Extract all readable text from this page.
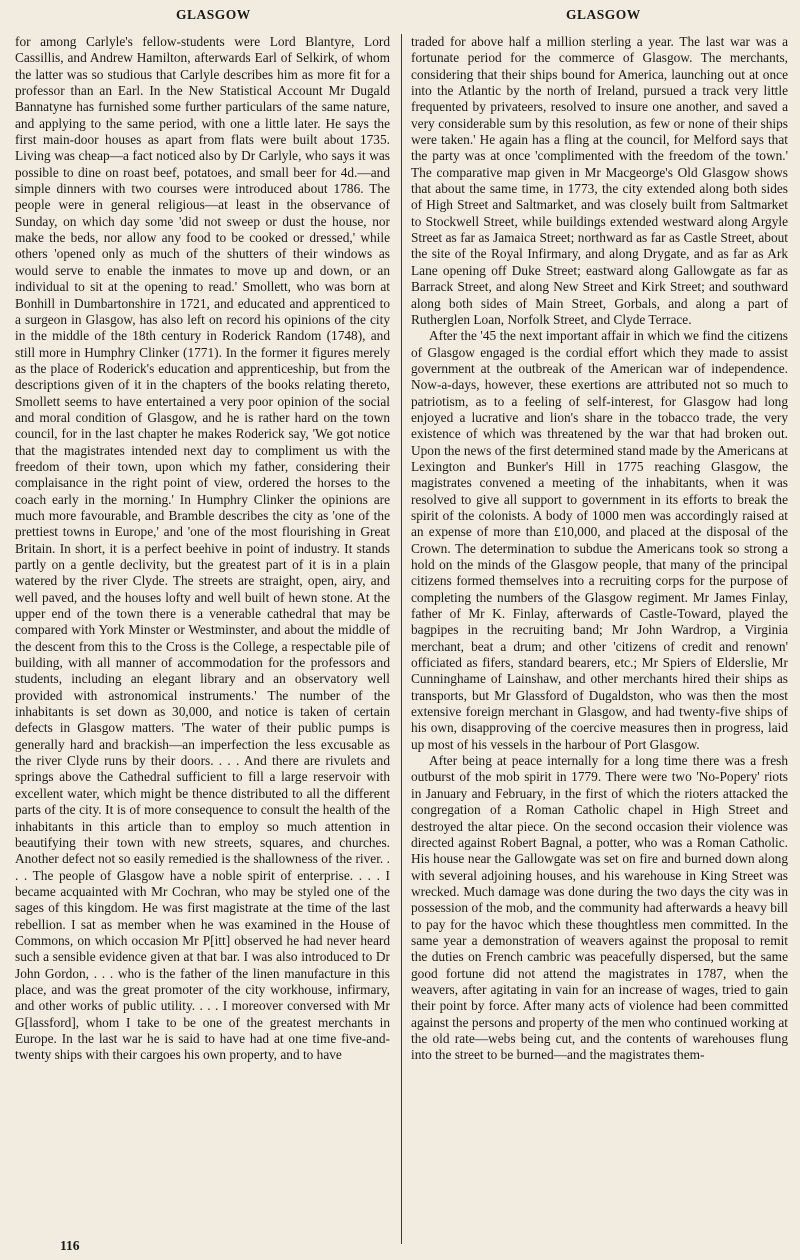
GLASGOW	GLASGOW

for among Carlyle's fellow-students were Lord Blantyre, Lord Cassillis, and Andrew Hamilton, afterwards Earl of Selkirk, of whom the latter was so studious that Carlyle describes him as more fit for a professor than an Earl. In the New Statistical Account Mr Dugald Bannatyne has furnished some further particulars of the same nature, and applying to the same period, with one a little later. He says the first main-door houses as apart from flats were built about 1735. Living was cheap—a fact noticed also by Dr Carlyle, who says it was possible to dine on roast beef, potatoes, and small beer for 4d.—and simple dinners with two courses were introduced about 1786. The people were in general religious—at least in the observance of Sunday, on which day some 'did not sweep or dust the house, nor make the beds, nor allow any food to be cooked or dressed,' while others 'opened only as much of the shutters of their windows as would serve to enable the inmates to move up and down, or an individual to sit at the opening to read.' Smollett, who was born at Bonhill in Dumbartonshire in 1721, and educated and apprenticed to a surgeon in Glasgow, has also left on record his opinions of the city in the middle of the 18th century in Roderick Random (1748), and still more in Humphry Clinker (1771). In the former it figures merely as the place of Roderick's education and apprenticeship, but from the descriptions given of it in the chapters of the books relating thereto, Smollett seems to have entertained a very poor opinion of the social and moral condition of Glasgow, and he is rather hard on the town council, for in the last chapter he makes Roderick say, 'We got notice that the magistrates intended next day to compliment us with the freedom of their town, upon which my father, considering their complaisance in the right point of view, ordered the horses to the coach early in the morning.' In Humphry Clinker the opinions are much more favourable, and Bramble describes the city as 'one of the prettiest towns in Europe,' and 'one of the most flourishing in Great Britain. In short, it is a perfect beehive in point of industry. It stands partly on a gentle declivity, but the greatest part of it is in a plain watered by the river Clyde. The streets are straight, open, airy, and well paved, and the houses lofty and well built of hewn stone. At the upper end of the town there is a venerable cathedral that may be compared with York Minster or Westminster, and about the middle of the descent from this to the Cross is the College, a respectable pile of building, with all manner of accommodation for the professors and students, including an elegant library and an observatory well provided with astronomical instruments.' The number of the inhabitants is set down as 30,000, and notice is taken of certain defects in Glasgow matters. 'The water of their public pumps is generally hard and brackish—an imperfection the less excusable as the river Clyde runs by their doors. . . . And there are rivulets and springs above the Cathedral sufficient to fill a large reservoir with excellent water, which might be thence distributed to all the different parts of the city. It is of more consequence to consult the health of the inhabitants in this article than to employ so much attention in beautifying their town with new streets, squares, and churches. Another defect not so easily remedied is the shallowness of the river. . . . The people of Glasgow have a noble spirit of enterprise. . . . I became acquainted with Mr Cochran, who may be styled one of the sages of this kingdom. He was first magistrate at the time of the last rebellion. I sat as member when he was examined in the House of Commons, on which occasion Mr P[itt] observed he had never heard such a sensible evidence given at that bar. I was also introduced to Dr John Gordon, . . . who is the father of the linen manufacture in this place, and was the great promoter of the city workhouse, infirmary, and other works of public utility. . . . I moreover conversed with Mr G[lassford], whom I take to be one of the greatest merchants in Europe. In the last war he is said to have had at one time five-and-twenty ships with their cargoes his own property, and to have

traded for above half a million sterling a year. The last war was a fortunate period for the commerce of Glasgow. The merchants, considering that their ships bound for America, launching out at once into the Atlantic by the north of Ireland, pursued a track very little frequented by privateers, resolved to insure one another, and saved a very considerable sum by this resolution, as few or none of their ships were taken.' He again has a fling at the council, for Melford says that the party was at once 'complimented with the freedom of the town.' The comparative map given in Mr Macgeorge's Old Glasgow shows that about the same time, in 1773, the city extended along both sides of High Street and Saltmarket, and was closely built from Saltmarket to Stockwell Street, while buildings extended westward along Argyle Street as far as Jamaica Street; northward as far as Castle Street, about the site of the Royal Infirmary, and along Drygate, and as far as Ark Lane opening off Duke Street; eastward along Gallowgate as far as Barrack Street, and along New Street and Kirk Street; and southward along both sides of Main Street, Gorbals, and along a part of Rutherglen Loan, Norfolk Street, and Clyde Terrace.

After the '45 the next important affair in which we find the citizens of Glasgow engaged is the cordial effort which they made to assist government at the outbreak of the American war of independence. Now-a-days, however, these exertions are attributed not so much to patriotism, as to a feeling of self-interest, for Glasgow had long enjoyed a lucrative and lion's share in the tobacco trade, the very existence of which was threatened by the war that had broken out. Upon the news of the first determined stand made by the Americans at Lexington and Bunker's Hill in 1775 reaching Glasgow, the magistrates convened a meeting of the inhabitants, when it was resolved to give all support to government in its efforts to break the spirit of the colonists. A body of 1000 men was accordingly raised at an expense of more than £10,000, and placed at the disposal of the Crown. The determination to subdue the Americans took so strong a hold on the minds of the Glasgow people, that many of the principal citizens formed themselves into a recruiting corps for the purpose of completing the numbers of the Glasgow regiment. Mr James Finlay, father of Mr K. Finlay, afterwards of Castle-Toward, played the bagpipes in the recruiting band; Mr John Wardrop, a Virginia merchant, beat a drum; and other 'citizens of credit and renown' officiated as fifers, standard bearers, etc.; Mr Spiers of Elderslie, Mr Cunninghame of Lainshaw, and other merchants hired their ships as transports, but Mr Glassford of Dugaldston, who was then the most extensive foreign merchant in Glasgow, and had twenty-five ships of his own, disapproving of the coercive measures then in progress, laid up most of his vessels in the harbour of Port Glasgow.

After being at peace internally for a long time there was a fresh outburst of the mob spirit in 1779. There were two 'No-Popery' riots in January and February, in the first of which the rioters attacked the congregation of a Roman Catholic chapel in High Street and destroyed the altar piece. On the second occasion their violence was directed against Robert Bagnal, a potter, who was a Roman Catholic. His house near the Gallowgate was set on fire and burned down along with several adjoining houses, and his warehouse in King Street was wrecked. Much damage was done during the two days the city was in possession of the mob, and the community had afterwards a heavy bill to pay for the havoc which these thoughtless men committed. In the same year a demonstration of weavers against the proposal to remit the duties on French cambric was peacefully dispersed, but the same good fortune did not attend the magistrates in 1787, when the weavers, after agitating in vain for an increase of wages, tried to gain their point by force. After many acts of violence had been committed against the persons and property of the men who continued working at the old rate—webs being cut, and the contents of warehouses flung into the street to be burned—and the magistrates them-

116
